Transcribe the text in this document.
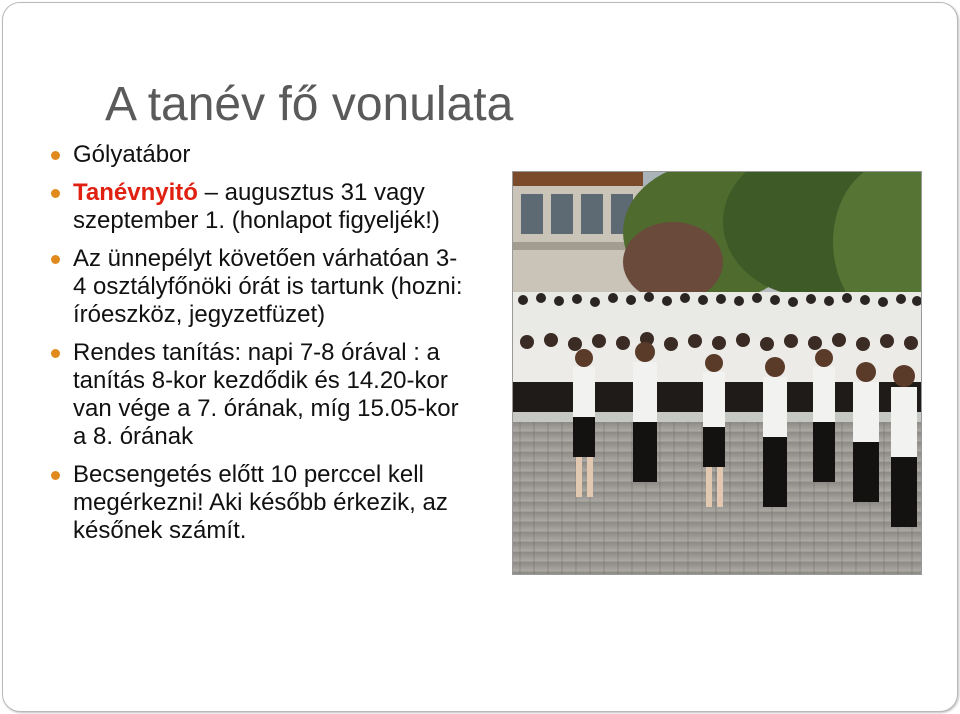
A tanév fő vonulata
Gólyatábor
Tanévnyitó – augusztus 31 vagy szeptember 1. (honlapot figyeljék!)
Az ünnepélyt követően várhatóan 3-4 osztályfőnöki órát is tartunk (hozni: íróeszköz, jegyzetfüzet)
Rendes tanítás: napi 7-8 órával : a tanítás 8-kor kezdődik és 14.20-kor van vége a 7. órának, míg 15.05-kor a 8. órának
Becsengetés előtt 10 perccel kell megérkezni! Aki később érkezik, az későnek számít.
